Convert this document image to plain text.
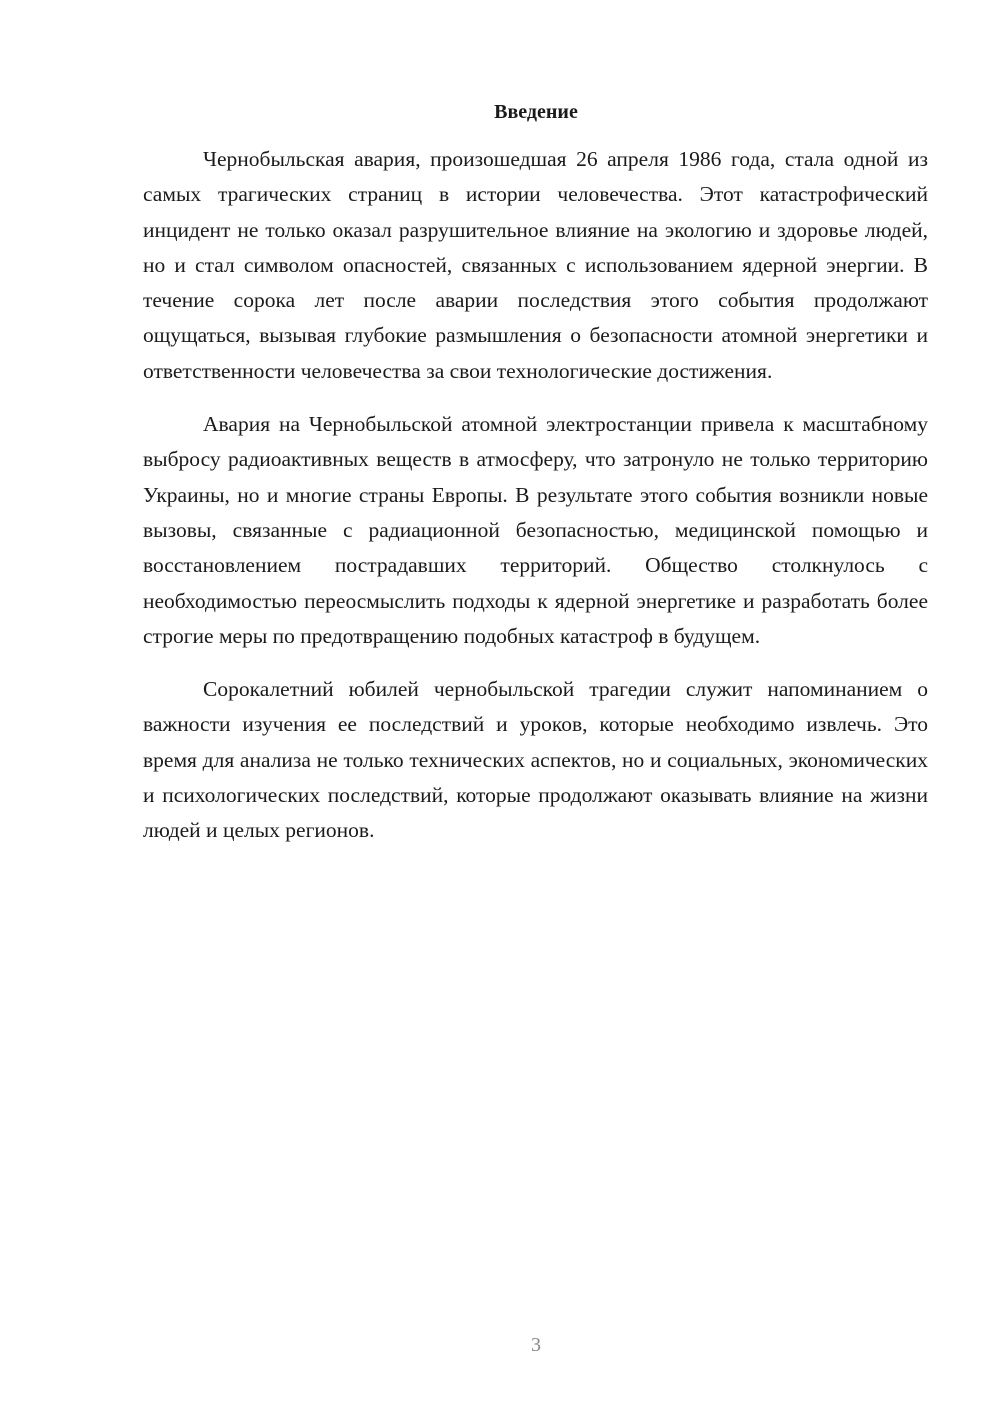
Введение

Чернобыльская авария, произошедшая 26 апреля 1986 года, стала одной из самых трагических страниц в истории человечества. Этот катастрофический инцидент не только оказал разрушительное влияние на экологию и здоровье людей, но и стал символом опасностей, связанных с использованием ядерной энергии. В течение сорока лет после аварии последствия этого события продолжают ощущаться, вызывая глубокие размышления о безопасности атомной энергетики и ответственности человечества за свои технологические достижения.

Авария на Чернобыльской атомной электростанции привела к масштабному выбросу радиоактивных веществ в атмосферу, что затронуло не только территорию Украины, но и многие страны Европы. В результате этого события возникли новые вызовы, связанные с радиационной безопасностью, медицинской помощью и восстановлением пострадавших территорий. Общество столкнулось с необходимостью переосмыслить подходы к ядерной энергетике и разработать более строгие меры по предотвращению подобных катастроф в будущем.

Сорокалетний юбилей чернобыльской трагедии служит напоминанием о важности изучения ее последствий и уроков, которые необходимо извлечь. Это время для анализа не только технических аспектов, но и социальных, экономических и психологических последствий, которые продолжают оказывать влияние на жизни людей и целых регионов.

3
